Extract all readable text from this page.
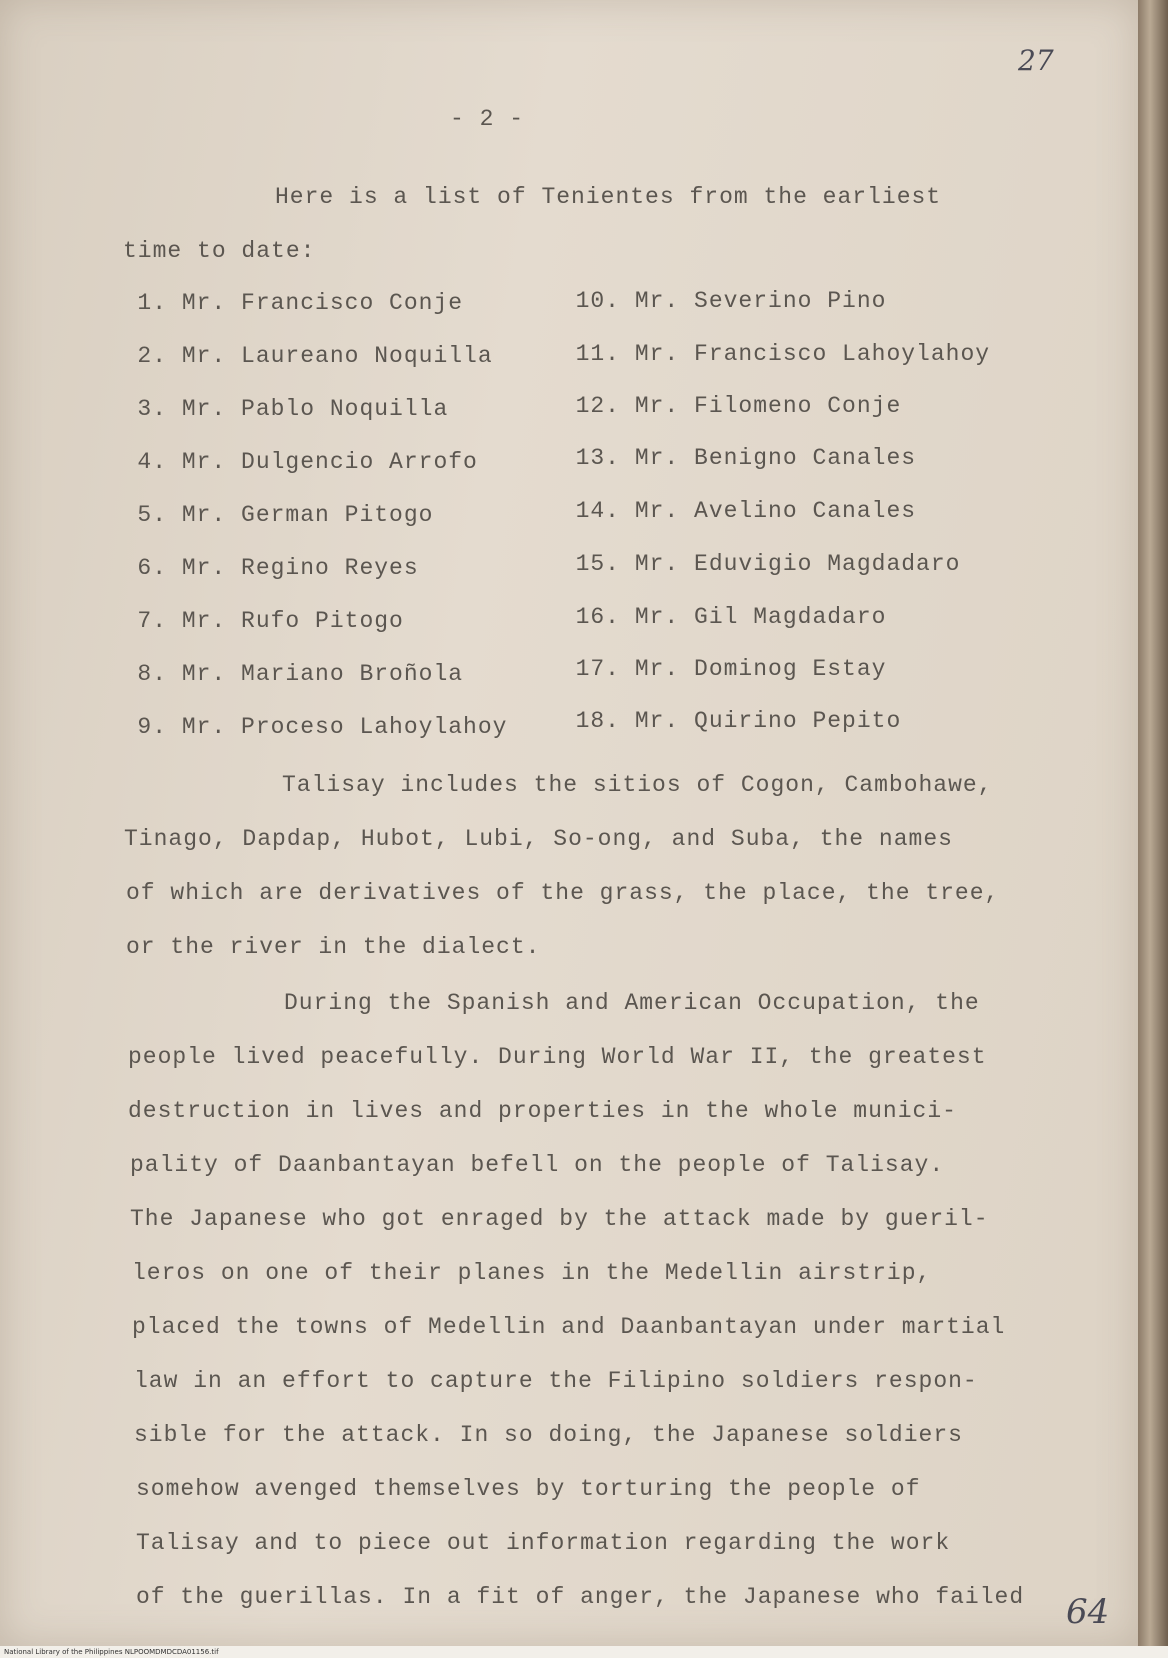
27
- 2 -
Here is a list of Tenientes from the earliest
time to date:
1. Mr. Francisco Conje
2. Mr. Laureano Noquilla
3. Mr. Pablo Noquilla
4. Mr. Dulgencio Arrofo
5. Mr. German Pitogo
6. Mr. Regino Reyes
7. Mr. Rufo Pitogo
8. Mr. Mariano Broñola
9. Mr. Proceso Lahoylahoy
10. Mr. Severino Pino
11. Mr. Francisco Lahoylahoy
12. Mr. Filomeno Conje
13. Mr. Benigno Canales
14. Mr. Avelino Canales
15. Mr. Eduvigio Magdadaro
16. Mr. Gil Magdadaro
17. Mr. Dominog Estay
18. Mr. Quirino Pepito
Talisay includes the sitios of Cogon, Cambohawe,
Tinago, Dapdap, Hubot, Lubi, So-ong, and Suba, the names
of which are derivatives of the grass, the place, the tree,
or the river in the dialect.
During the Spanish and American Occupation, the
people lived peacefully. During World War II, the greatest
destruction in lives and properties in the whole munici-
pality of Daanbantayan befell on the people of Talisay.
The Japanese who got enraged by the attack made by gueril-
leros on one of their planes in the Medellin airstrip,
placed the towns of Medellin and Daanbantayan under martial
law in an effort to capture the Filipino soldiers respon-
sible for the attack. In so doing, the Japanese soldiers
somehow avenged themselves by torturing the people of
Talisay and to piece out information regarding the work
of the guerillas. In a fit of anger, the Japanese who failed 64
National Library of the Philippines NLPOOMDMDCDA01156.tif
